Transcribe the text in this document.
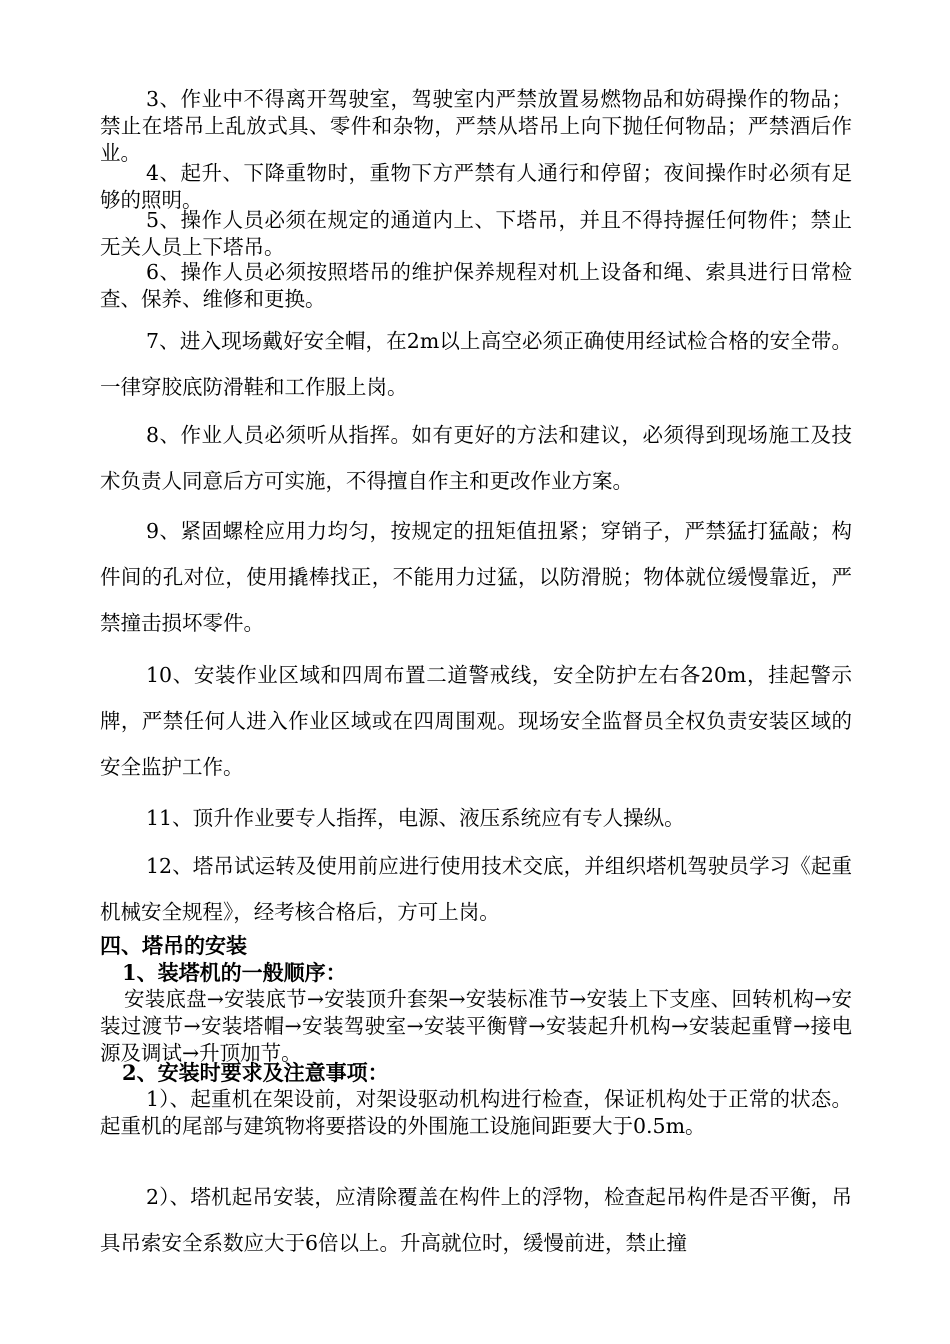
3、作业中不得离开驾驶室，驾驶室内严禁放置易燃物品和妨碍操作的物品；禁止在塔吊上乱放式具、零件和杂物，严禁从塔吊上向下抛任何物品；严禁酒后作业。
4、起升、下降重物时，重物下方严禁有人通行和停留；夜间操作时必须有足够的照明。
5、操作人员必须在规定的通道内上、下塔吊，并且不得持握任何物件；禁止无关人员上下塔吊。
6、操作人员必须按照塔吊的维护保养规程对机上设备和绳、索具进行日常检查、保养、维修和更换。
7、进入现场戴好安全帽，在2m以上高空必须正确使用经试检合格的安全带。一律穿胶底防滑鞋和工作服上岗。
8、作业人员必须听从指挥。如有更好的方法和建议，必须得到现场施工及技术负责人同意后方可实施，不得擅自作主和更改作业方案。
9、紧固螺栓应用力均匀，按规定的扭矩值扭紧；穿销子，严禁猛打猛敲；构件间的孔对位，使用撬棒找正，不能用力过猛，以防滑脱；物体就位缓慢靠近，严禁撞击损坏零件。
10、安装作业区域和四周布置二道警戒线，安全防护左右各20m，挂起警示牌，严禁任何人进入作业区域或在四周围观。现场安全监督员全权负责安装区域的安全监护工作。
11、顶升作业要专人指挥，电源、液压系统应有专人操纵。
12、塔吊试运转及使用前应进行使用技术交底，并组织塔机驾驶员学习《起重机械安全规程》，经考核合格后，方可上岗。
四、塔吊的安装
1、装塔机的一般顺序：
安装底盘→安装底节→安装顶升套架→安装标准节→安装上下支座、回转机构→安装过渡节→安装塔帽→安装驾驶室→安装平衡臂→安装起升机构→安装起重臂→接电源及调试→升顶加节。
2、安装时要求及注意事项：
1）、起重机在架设前，对架设驱动机构进行检查，保证机构处于正常的状态。起重机的尾部与建筑物将要搭设的外围施工设施间距要大于0.5m。
2）、塔机起吊安装，应清除覆盖在构件上的浮物，检查起吊构件是否平衡，吊具吊索安全系数应大于6倍以上。升高就位时，缓慢前进，禁止撞
